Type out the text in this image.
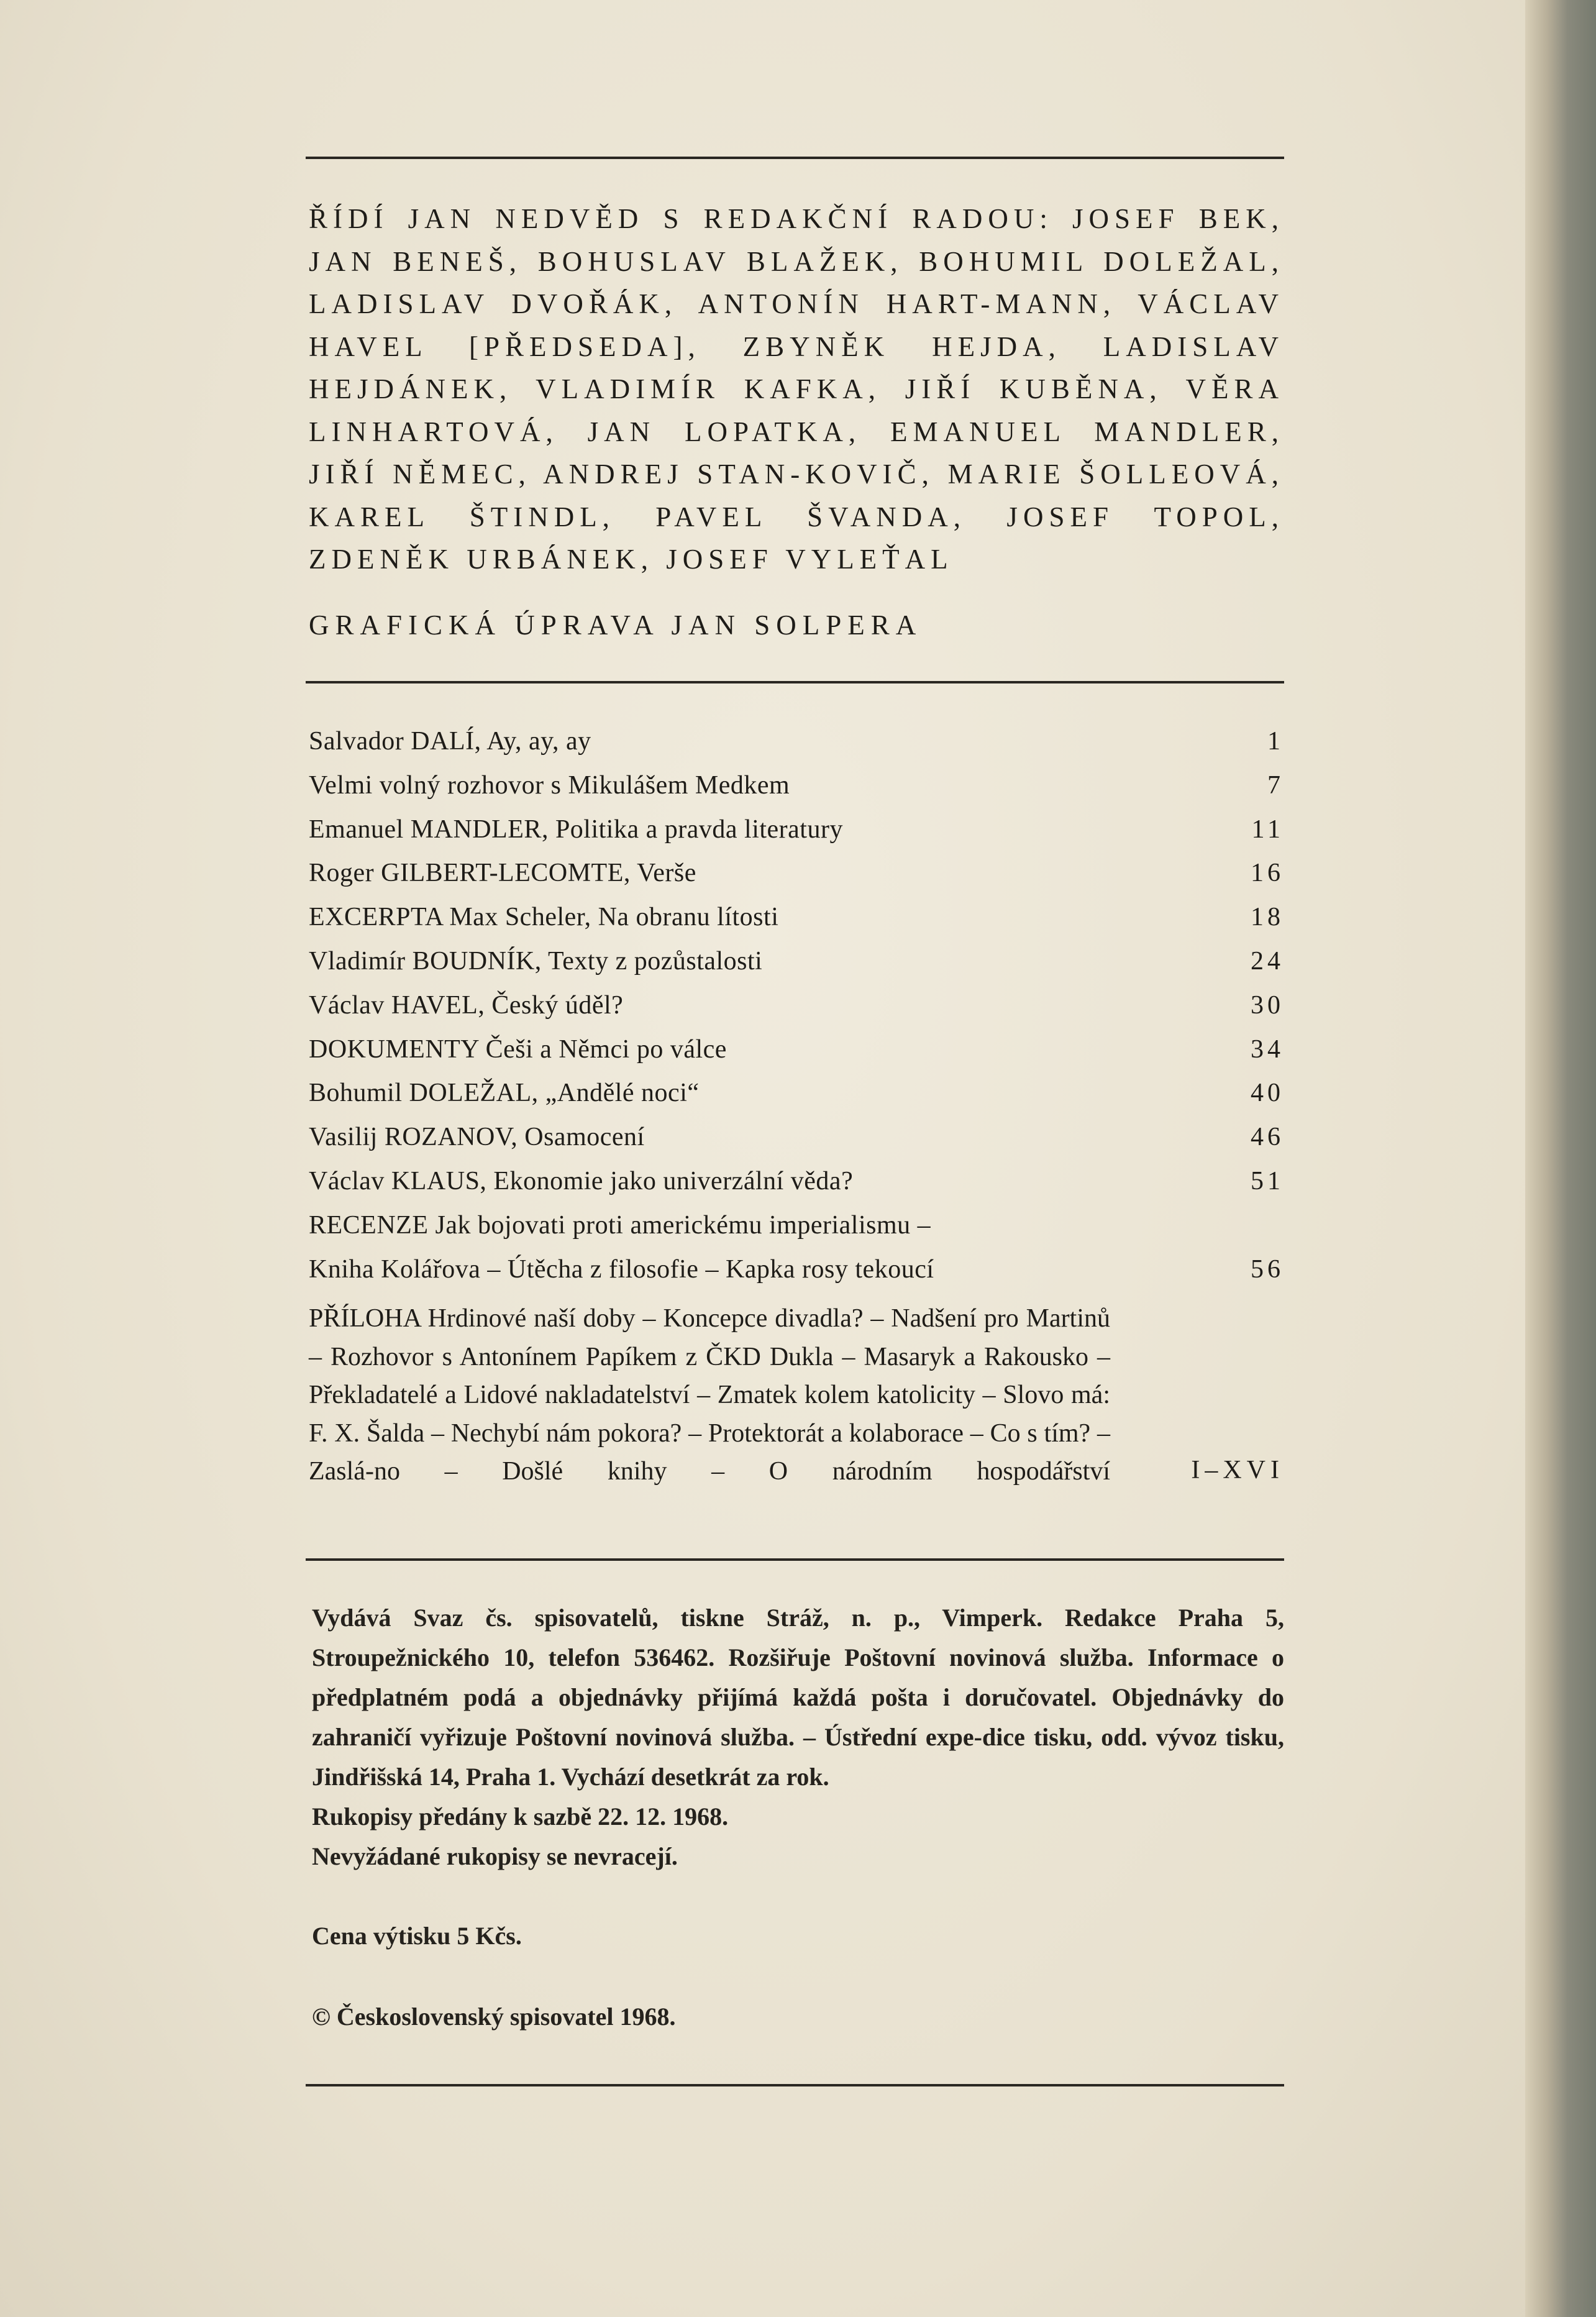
ŘÍDÍ JAN NEDVĚD S REDAKČNÍ RADOU: JOSEF BEK, JAN BENEŠ, BOHUSLAV BLAŽEK, BOHUMIL DOLEŽAL, LADISLAV DVOŘÁK, ANTONÍN HART-MANN, VÁCLAV HAVEL [PŘEDSEDA], ZBYNĚK HEJDA, LADISLAV HEJDÁNEK, VLADIMÍR KAFKA, JIŘÍ KUBĚNA, VĚRA LINHARTOVÁ, JAN LOPATKA, EMANUEL MANDLER, JIŘÍ NĚMEC, ANDREJ STAN-KOVIČ, MARIE ŠOLLEOVÁ, KAREL ŠTINDL, PAVEL ŠVANDA, JOSEF TOPOL, ZDENĚK URBÁNEK, JOSEF VYLEŤAL

GRAFICKÁ ÚPRAVA JAN SOLPERA
Salvador DALÍ, Ay, ay, ay	1
Velmi volný rozhovor s Mikulášem Medkem	7
Emanuel MANDLER, Politika a pravda literatury	11
Roger GILBERT-LECOMTE, Verše	16
EXCERPTA Max Scheler, Na obranu lítosti	18
Vladimír BOUDNÍK, Texty z pozůstalosti	24
Václav HAVEL, Český úděl?	30
DOKUMENTY Češi a Němci po válce	34
Bohumil DOLEŽAL, „Andělé noci“	40
Vasilij ROZANOV, Osamocení	46
Václav KLAUS, Ekonomie jako univerzální věda?	51
RECENZE Jak bojovati proti americkému imperialismu –
Kniha Kolářova – Útěcha z filosofie – Kapka rosy tekoucí	56
PŘÍLOHA Hrdinové naší doby – Koncepce divadla? – Nadšení pro Martinů – Rozhovor s Antonínem Papíkem z ČKD Dukla – Masaryk a Rakousko – Překladatelé a Lidové nakladatelství – Zmatek kolem katolicity – Slovo má: F. X. Šalda – Nechybí nám pokora? – Protektorát a kolaborace – Co s tím? – Zaslá-no – Došlé knihy – O národním hospodářství	I–XVI
Vydává Svaz čs. spisovatelů, tiskne Stráž, n. p., Vimperk. Redakce Praha 5, Stroupežnického 10, telefon 536462. Rozšiřuje Poštovní novinová služba. Informace o předplatném podá a objednávky přijímá každá pošta i doručovatel. Objednávky do zahraničí vyřizuje Poštovní novinová služba. – Ústřední expe-dice tisku, odd. vývoz tisku, Jindřišská 14, Praha 1. Vychází desetkrát za rok.
Rukopisy předány k sazbě 22. 12. 1968.
Nevyžádané rukopisy se nevracejí.
Cena výtisku 5 Kčs.
© Československý spisovatel 1968.
